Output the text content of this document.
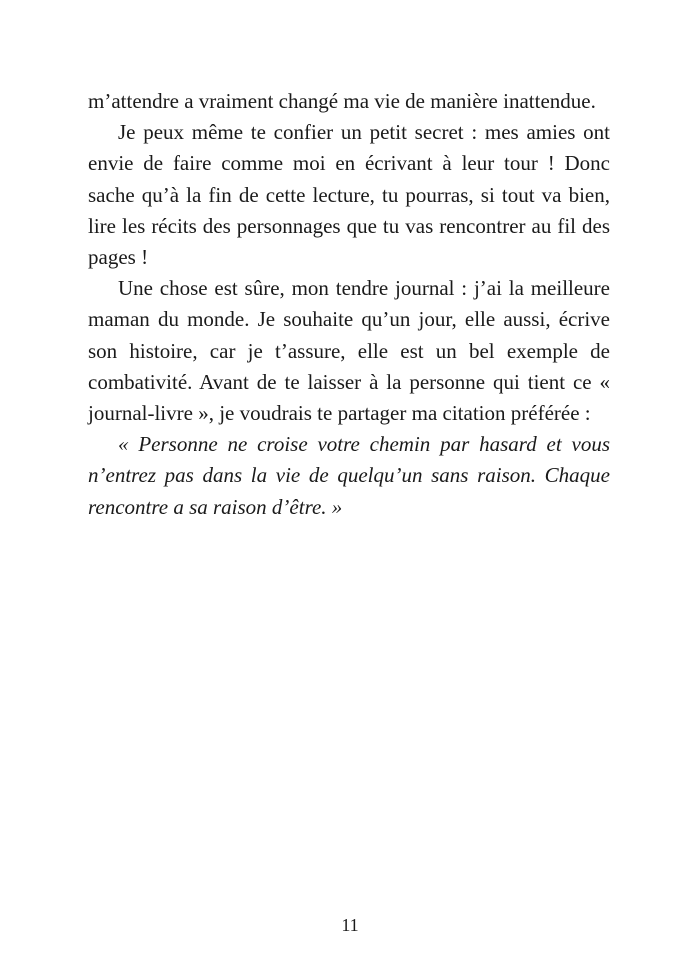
m’attendre a vraiment changé ma vie de manière inattendue.

Je peux même te confier un petit secret : mes amies ont envie de faire comme moi en écrivant à leur tour ! Donc sache qu’à la fin de cette lecture, tu pourras, si tout va bien, lire les récits des personnages que tu vas rencontrer au fil des pages !

Une chose est sûre, mon tendre journal : j’ai la meilleure maman du monde. Je souhaite qu’un jour, elle aussi, écrive son histoire, car je t’assure, elle est un bel exemple de combativité. Avant de te laisser à la personne qui tient ce « journal-livre », je voudrais te partager ma citation préférée :

« Personne ne croise votre chemin par hasard et vous n’entrez pas dans la vie de quelqu’un sans raison. Chaque rencontre a sa raison d’être. »

11
